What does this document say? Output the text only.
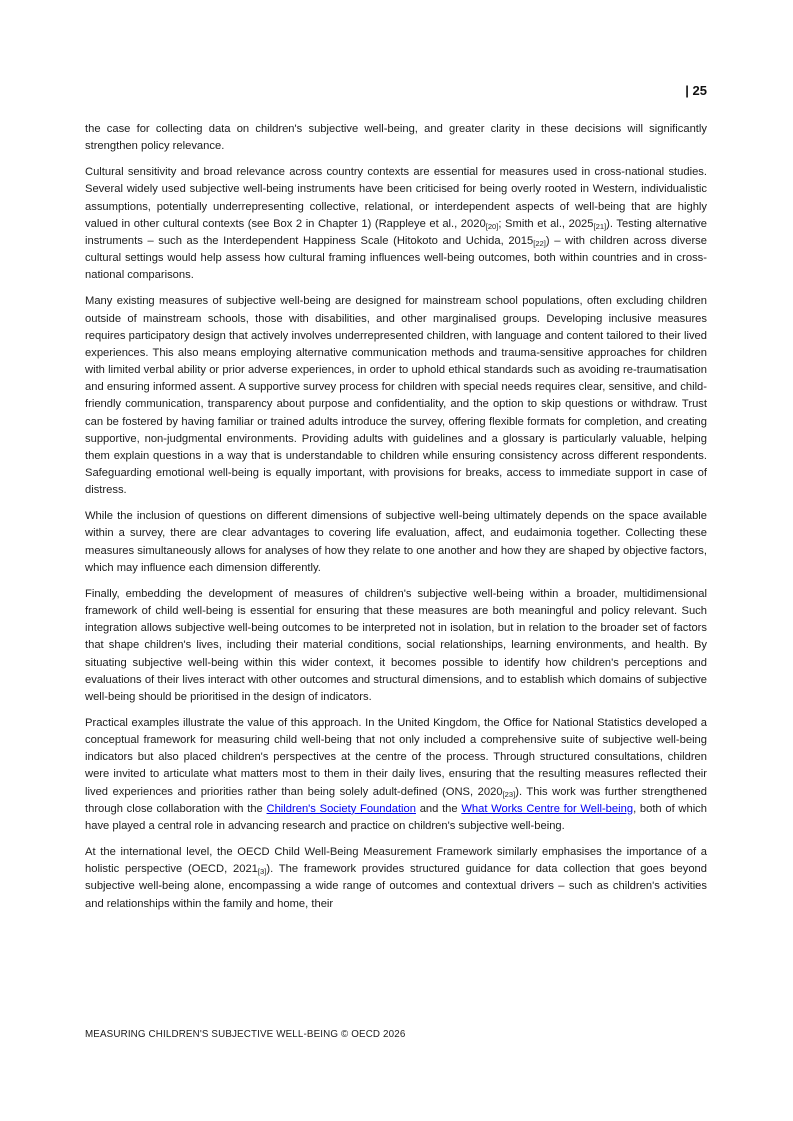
| 25

the case for collecting data on children's subjective well-being, and greater clarity in these decisions will significantly strengthen policy relevance.

Cultural sensitivity and broad relevance across country contexts are essential for measures used in cross-national studies. Several widely used subjective well-being instruments have been criticised for being overly rooted in Western, individualistic assumptions, potentially underrepresenting collective, relational, or interdependent aspects of well-being that are highly valued in other cultural contexts (see Box 2 in Chapter 1) (Rappleye et al., $2020_{[20]}$; Smith et al., $2025_{[21]}$). Testing alternative instruments – such as the Interdependent Happiness Scale (Hitokoto and Uchida, $2015_{[22]}$) – with children across diverse cultural settings would help assess how cultural framing influences well-being outcomes, both within countries and in cross-national comparisons.

Many existing measures of subjective well-being are designed for mainstream school populations, often excluding children outside of mainstream schools, those with disabilities, and other marginalised groups. Developing inclusive measures requires participatory design that actively involves underrepresented children, with language and content tailored to their lived experiences. This also means employing alternative communication methods and trauma-sensitive approaches for children with limited verbal ability or prior adverse experiences, in order to uphold ethical standards such as avoiding re-traumatisation and ensuring informed assent. A supportive survey process for children with special needs requires clear, sensitive, and child-friendly communication, transparency about purpose and confidentiality, and the option to skip questions or withdraw. Trust can be fostered by having familiar or trained adults introduce the survey, offering flexible formats for completion, and creating supportive, non-judgmental environments. Providing adults with guidelines and a glossary is particularly valuable, helping them explain questions in a way that is understandable to children while ensuring consistency across different respondents. Safeguarding emotional well-being is equally important, with provisions for breaks, access to immediate support in case of distress.

While the inclusion of questions on different dimensions of subjective well-being ultimately depends on the space available within a survey, there are clear advantages to covering life evaluation, affect, and eudaimonia together. Collecting these measures simultaneously allows for analyses of how they relate to one another and how they are shaped by objective factors, which may influence each dimension differently.

Finally, embedding the development of measures of children's subjective well-being within a broader, multidimensional framework of child well-being is essential for ensuring that these measures are both meaningful and policy relevant. Such integration allows subjective well-being outcomes to be interpreted not in isolation, but in relation to the broader set of factors that shape children's lives, including their material conditions, social relationships, learning environments, and health. By situating subjective well-being within this wider context, it becomes possible to identify how children's perceptions and evaluations of their lives interact with other outcomes and structural dimensions, and to establish which domains of subjective well-being should be prioritised in the design of indicators.

Practical examples illustrate the value of this approach. In the United Kingdom, the Office for National Statistics developed a conceptual framework for measuring child well-being that not only included a comprehensive suite of subjective well-being indicators but also placed children's perspectives at the centre of the process. Through structured consultations, children were invited to articulate what matters most to them in their daily lives, ensuring that the resulting measures reflected their lived experiences and priorities rather than being solely adult-defined (ONS, $2020_{[23]}$). This work was further strengthened through close collaboration with the Children's Society Foundation and the What Works Centre for Well-being, both of which have played a central role in advancing research and practice on children's subjective well-being.

At the international level, the OECD Child Well-Being Measurement Framework similarly emphasises the importance of a holistic perspective (OECD, $2021_{[3]}$). The framework provides structured guidance for data collection that goes beyond subjective well-being alone, encompassing a wide range of outcomes and contextual drivers – such as children's activities and relationships within the family and home, their

MEASURING CHILDREN'S SUBJECTIVE WELL-BEING © OECD 2026
